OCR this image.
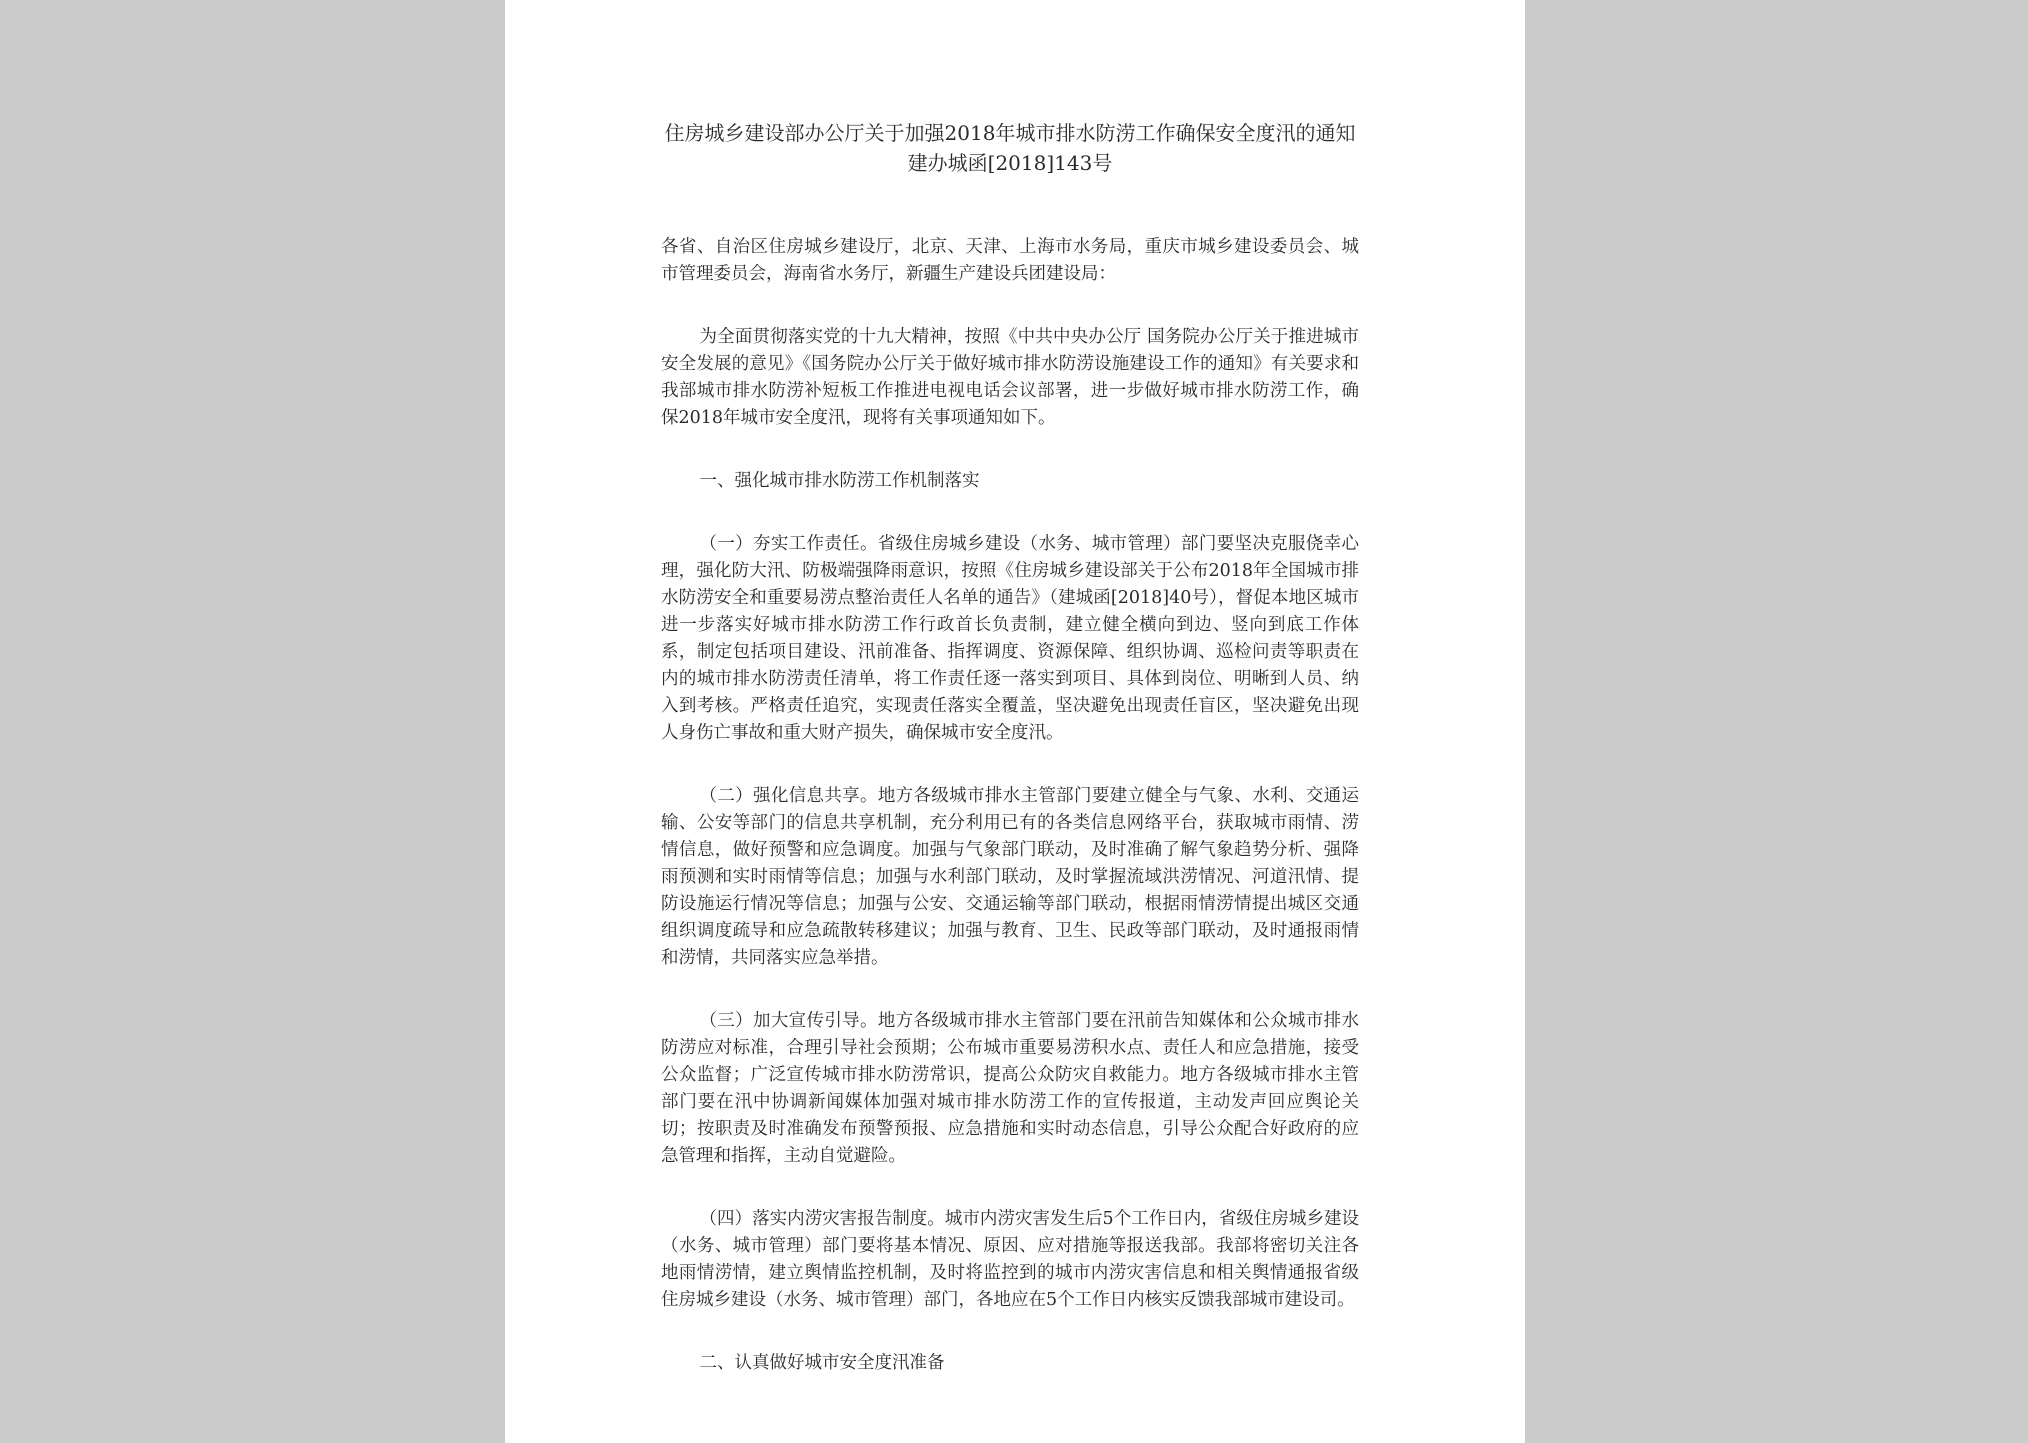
住房城乡建设部办公厅关于加强2018年城市排水防涝工作确保安全度汛的通知
建办城函[2018]143号

各省、自治区住房城乡建设厅，北京、天津、上海市水务局，重庆市城乡建设委员会、城市管理委员会，海南省水务厅，新疆生产建设兵团建设局：

为全面贯彻落实党的十九大精神，按照《中共中央办公厅 国务院办公厅关于推进城市安全发展的意见》《国务院办公厅关于做好城市排水防涝设施建设工作的通知》有关要求和我部城市排水防涝补短板工作推进电视电话会议部署，进一步做好城市排水防涝工作，确保2018年城市安全度汛，现将有关事项通知如下。

一、强化城市排水防涝工作机制落实

（一）夯实工作责任。省级住房城乡建设（水务、城市管理）部门要坚决克服侥幸心理，强化防大汛、防极端强降雨意识，按照《住房城乡建设部关于公布2018年全国城市排水防涝安全和重要易涝点整治责任人名单的通告》（建城函[2018]40号），督促本地区城市进一步落实好城市排水防涝工作行政首长负责制，建立健全横向到边、竖向到底工作体系，制定包括项目建设、汛前准备、指挥调度、资源保障、组织协调、巡检问责等职责在内的城市排水防涝责任清单，将工作责任逐一落实到项目、具体到岗位、明晰到人员、纳入到考核。严格责任追究，实现责任落实全覆盖，坚决避免出现责任盲区，坚决避免出现人身伤亡事故和重大财产损失，确保城市安全度汛。

（二）强化信息共享。地方各级城市排水主管部门要建立健全与气象、水利、交通运输、公安等部门的信息共享机制，充分利用已有的各类信息网络平台，获取城市雨情、涝情信息，做好预警和应急调度。加强与气象部门联动，及时准确了解气象趋势分析、强降雨预测和实时雨情等信息；加强与水利部门联动，及时掌握流域洪涝情况、河道汛情、提防设施运行情况等信息；加强与公安、交通运输等部门联动，根据雨情涝情提出城区交通组织调度疏导和应急疏散转移建议；加强与教育、卫生、民政等部门联动，及时通报雨情和涝情，共同落实应急举措。

（三）加大宣传引导。地方各级城市排水主管部门要在汛前告知媒体和公众城市排水防涝应对标准，合理引导社会预期；公布城市重要易涝积水点、责任人和应急措施，接受公众监督；广泛宣传城市排水防涝常识，提高公众防灾自救能力。地方各级城市排水主管部门要在汛中协调新闻媒体加强对城市排水防涝工作的宣传报道，主动发声回应舆论关切；按职责及时准确发布预警预报、应急措施和实时动态信息，引导公众配合好政府的应急管理和指挥，主动自觉避险。

（四）落实内涝灾害报告制度。城市内涝灾害发生后5个工作日内，省级住房城乡建设（水务、城市管理）部门要将基本情况、原因、应对措施等报送我部。我部将密切关注各地雨情涝情，建立舆情监控机制，及时将监控到的城市内涝灾害信息和相关舆情通报省级住房城乡建设（水务、城市管理）部门，各地应在5个工作日内核实反馈我部城市建设司。

二、认真做好城市安全度汛准备
